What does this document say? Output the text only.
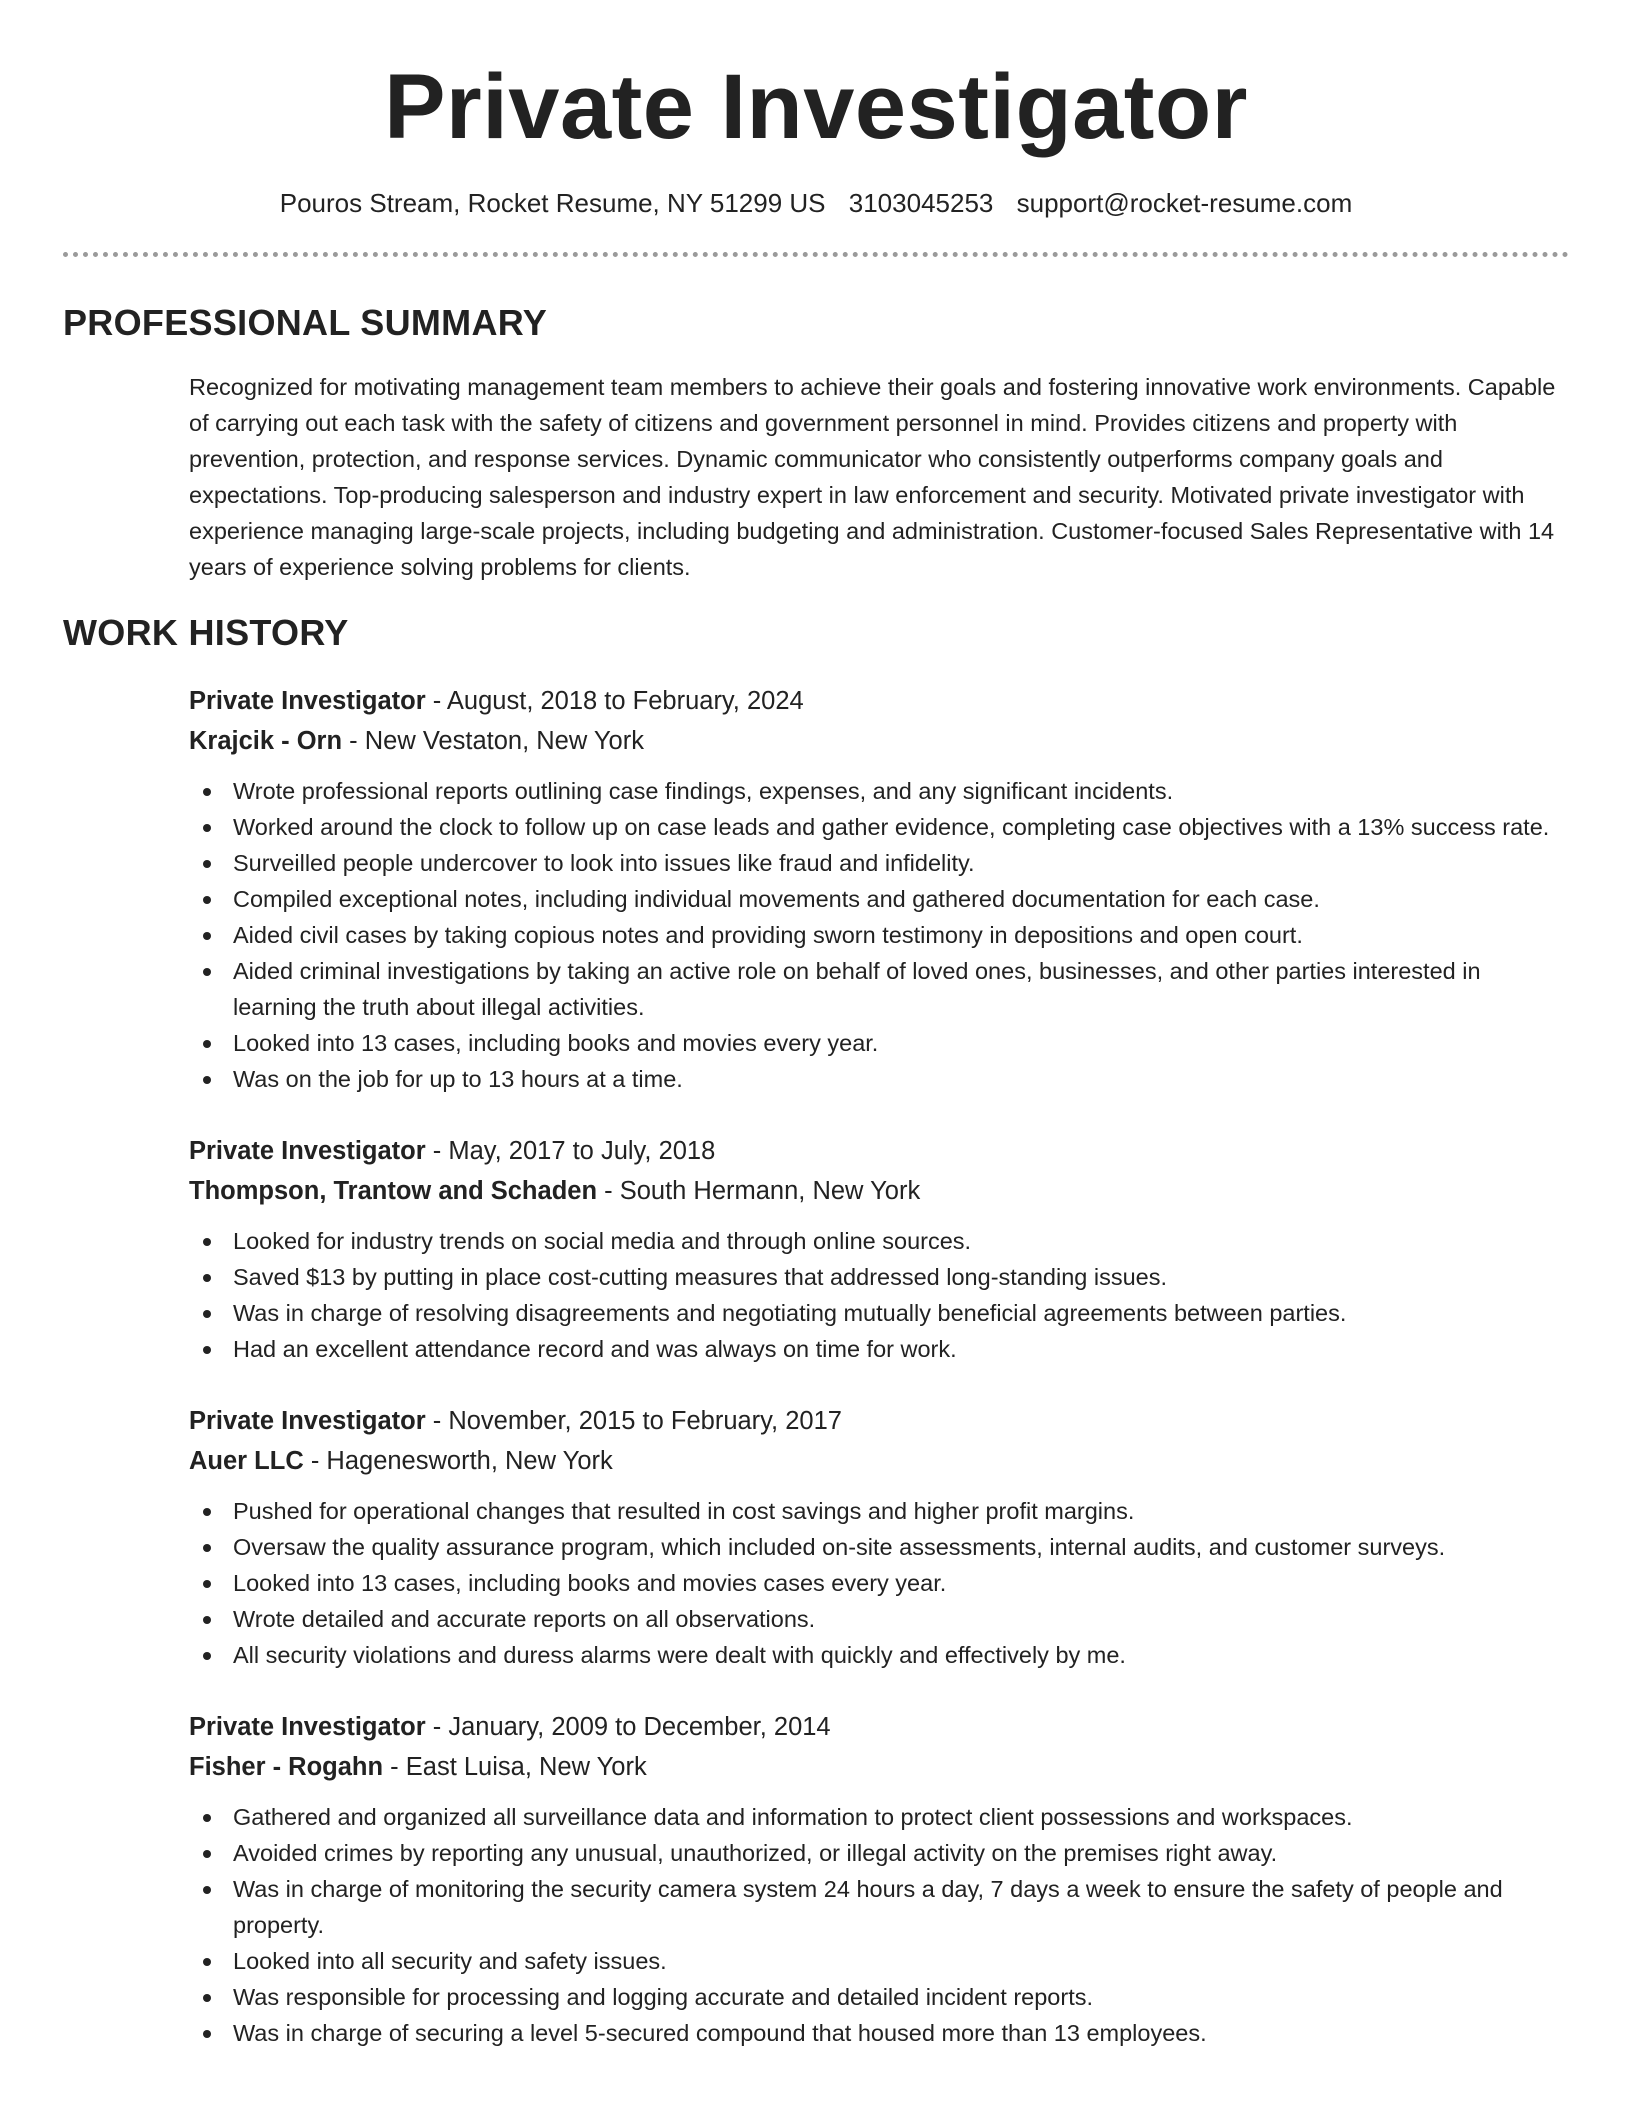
Private Investigator
Pouros Stream, Rocket Resume, NY 51299 US 3103045253 support@rocket-resume.com
PROFESSIONAL SUMMARY

Recognized for motivating management team members to achieve their goals and fostering innovative work environments. Capable of carrying out each task with the safety of citizens and government personnel in mind. Provides citizens and property with prevention, protection, and response services. Dynamic communicator who consistently outperforms company goals and expectations. Top-producing salesperson and industry expert in law enforcement and security. Motivated private investigator with experience managing large-scale projects, including budgeting and administration. Customer-focused Sales Representative with 14 years of experience solving problems for clients.

WORK HISTORY
Private Investigator - August, 2018 to February, 2024
Krajcik - Orn - New Vestaton, New York
Wrote professional reports outlining case findings, expenses, and any significant incidents.
Worked around the clock to follow up on case leads and gather evidence, completing case objectives with a 13% success rate.
Surveilled people undercover to look into issues like fraud and infidelity.
Compiled exceptional notes, including individual movements and gathered documentation for each case.
Aided civil cases by taking copious notes and providing sworn testimony in depositions and open court.
Aided criminal investigations by taking an active role on behalf of loved ones, businesses, and other parties interested in learning the truth about illegal activities.
Looked into 13 cases, including books and movies every year.
Was on the job for up to 13 hours at a time.
Private Investigator - May, 2017 to July, 2018
Thompson, Trantow and Schaden - South Hermann, New York
Looked for industry trends on social media and through online sources.
Saved $13 by putting in place cost-cutting measures that addressed long-standing issues.
Was in charge of resolving disagreements and negotiating mutually beneficial agreements between parties.
Had an excellent attendance record and was always on time for work.
Private Investigator - November, 2015 to February, 2017
Auer LLC - Hagenesworth, New York
Pushed for operational changes that resulted in cost savings and higher profit margins.
Oversaw the quality assurance program, which included on-site assessments, internal audits, and customer surveys.
Looked into 13 cases, including books and movies cases every year.
Wrote detailed and accurate reports on all observations.
All security violations and duress alarms were dealt with quickly and effectively by me.
Private Investigator - January, 2009 to December, 2014
Fisher - Rogahn - East Luisa, New York
Gathered and organized all surveillance data and information to protect client possessions and workspaces.
Avoided crimes by reporting any unusual, unauthorized, or illegal activity on the premises right away.
Was in charge of monitoring the security camera system 24 hours a day, 7 days a week to ensure the safety of people and property.
Looked into all security and safety issues.
Was responsible for processing and logging accurate and detailed incident reports.
Was in charge of securing a level 5-secured compound that housed more than 13 employees.
